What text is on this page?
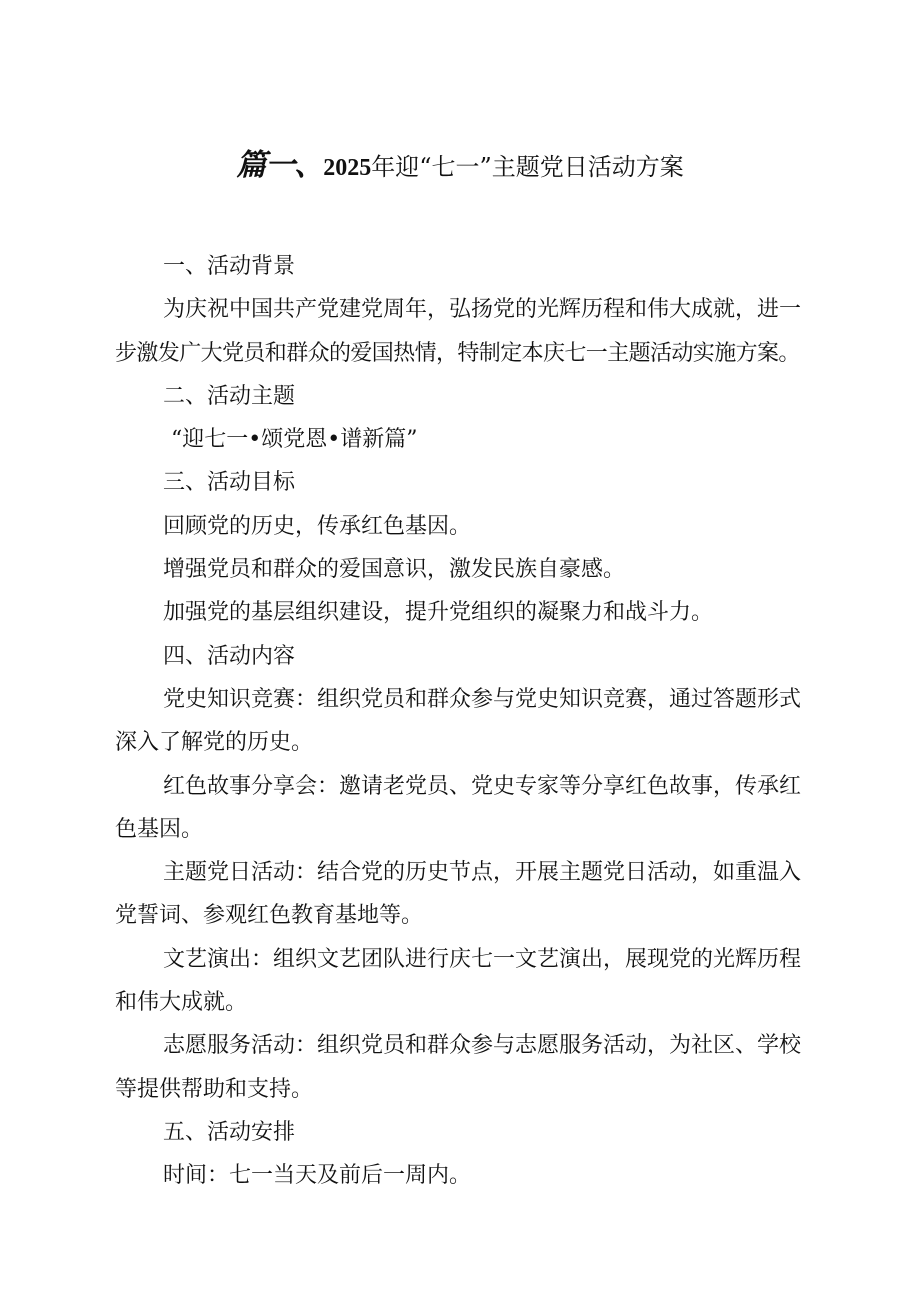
篇一、2025年迎“七一”主题党日活动方案
一、活动背景
为庆祝中国共产党建党周年，弘扬党的光辉历程和伟大成就，进一
步激发广大党员和群众的爱国热情，特制定本庆七一主题活动实施方案。
二、活动主题
“迎七一•颂党恩•谱新篇”
三、活动目标
回顾党的历史，传承红色基因。
增强党员和群众的爱国意识，激发民族自豪感。
加强党的基层组织建设，提升党组织的凝聚力和战斗力。
四、活动内容
党史知识竞赛：组织党员和群众参与党史知识竞赛，通过答题形式
深入了解党的历史。
红色故事分享会：邀请老党员、党史专家等分享红色故事，传承红
色基因。
主题党日活动：结合党的历史节点，开展主题党日活动，如重温入
党誓词、参观红色教育基地等。
文艺演出：组织文艺团队进行庆七一文艺演出，展现党的光辉历程
和伟大成就。
志愿服务活动：组织党员和群众参与志愿服务活动，为社区、学校
等提供帮助和支持。
五、活动安排
时间：七一当天及前后一周内。
